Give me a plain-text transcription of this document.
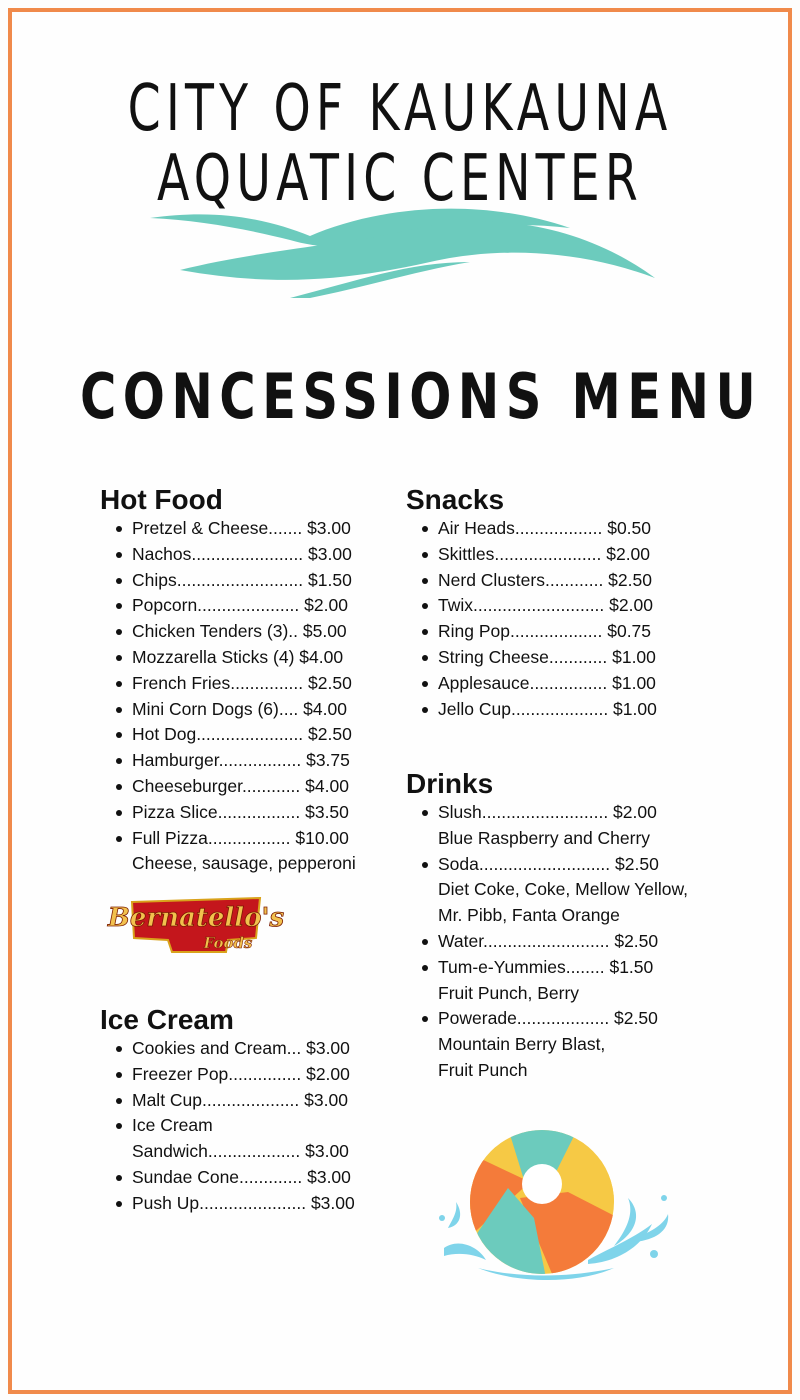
CITY OF KAUKAUNA
AQUATIC CENTER
CONCESSIONS MENU
Hot Food
Pretzel & Cheese....... $3.00
Nachos....................... $3.00
Chips.......................... $1.50
Popcorn..................... $2.00
Chicken Tenders (3).. $5.00
Mozzarella Sticks (4) $4.00
French Fries............... $2.50
Mini Corn Dogs (6).... $4.00
Hot Dog...................... $2.50
Hamburger................. $3.75
Cheeseburger............ $4.00
Pizza Slice................. $3.50
Full Pizza................. $10.00
Cheese, sausage, pepperoni
Snacks
Air Heads.................. $0.50
Skittles...................... $2.00
Nerd Clusters............ $2.50
Twix........................... $2.00
Ring Pop................... $0.75
String Cheese............ $1.00
Applesauce................ $1.00
Jello Cup.................... $1.00
Drinks
Slush.......................... $2.00
Blue Raspberry and Cherry
Soda........................... $2.50
Diet Coke, Coke, Mellow Yellow,
Mr. Pibb, Fanta Orange
Water.......................... $2.50
Tum-e-Yummies........ $1.50
Fruit Punch, Berry
Powerade................... $2.50
Mountain Berry Blast,
Fruit Punch
Ice Cream
Cookies and Cream... $3.00
Freezer Pop............... $2.00
Malt Cup.................... $3.00
Ice Cream
Sandwich................... $3.00
Sundae Cone............. $3.00
Push Up...................... $3.00
Bernatello's
Foods
